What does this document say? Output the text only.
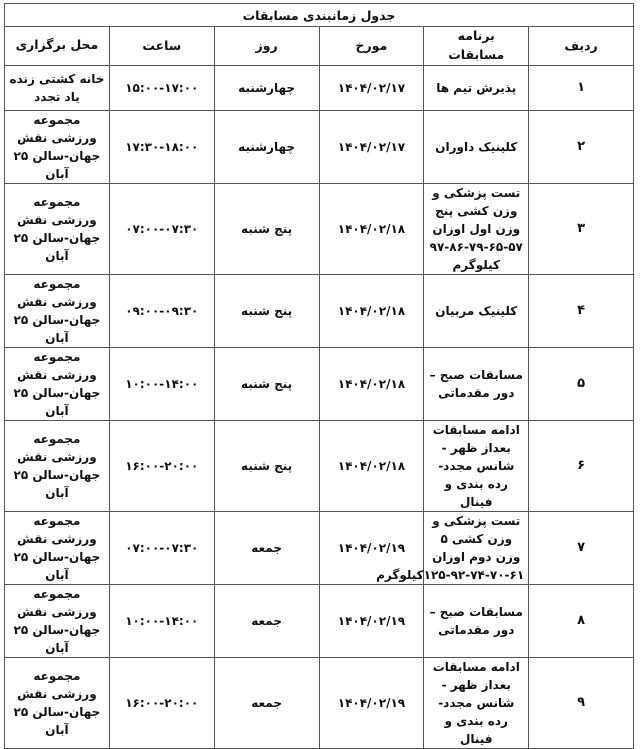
جدول زمانبندی مسابقات					
ردیف	برنامه مسابقات	مورخ	روز	ساعت	محل برگزاری
۱	پذیرش تیم ها	۱۴۰۴/۰۲/۱۷	چهارشنبه	۱۵:۰۰-۱۷:۰۰	خانه کشتی زنده یاد تجدد
۲	کلینیک داوران	۱۴۰۴/۰۲/۱۷	چهارشنبه	۱۷:۳۰-۱۸:۰۰	مجموعه ورزشی نقش جهان-سالن ۲۵ آبان
۳	تست پزشکی و وزن کشی پنج وزن اول اوزان ۵۷-۶۵-۷۹-۸۶-۹۷ کیلوگرم	۱۴۰۴/۰۲/۱۸	پنج شنبه	۰۷:۰۰-۰۷:۳۰	مجموعه ورزشی نقش جهان-سالن ۲۵ آبان
۴	کلینیک مربیان	۱۴۰۴/۰۲/۱۸	پنج شنبه	۰۹:۰۰-۰۹:۳۰	مجموعه ورزشی نقش جهان-سالن ۲۵ آبان
۵	مسابقات صبح – دور مقدماتی	۱۴۰۴/۰۲/۱۸	پنج شنبه	۱۰:۰۰-۱۴:۰۰	مجموعه ورزشی نقش جهان-سالن ۲۵ آبان
۶	ادامه مسابقات بعداز ظهر - شانس مجدد- رده بندی و فینال	۱۴۰۴/۰۲/۱۸	پنج شنبه	۱۶:۰۰-۲۰:۰۰	مجموعه ورزشی نقش جهان-سالن ۲۵ آبان
۷	تست پزشکی و وزن کشی ۵ وزن دوم اوزان ۶۱-۷۰-۷۴-۹۲-۱۲۵کیلوگرم	۱۴۰۴/۰۲/۱۹	جمعه	۰۷:۰۰-۰۷:۳۰	مجموعه ورزشی نقش جهان-سالن ۲۵ آبان
۸	مسابقات صبح – دور مقدماتی	۱۴۰۴/۰۲/۱۹	جمعه	۱۰:۰۰-۱۴:۰۰	مجموعه ورزشی نقش جهان-سالن ۲۵ آبان
۹	ادامه مسابقات بعداز ظهر - شانس مجدد- رده بندی و فینال	۱۴۰۴/۰۲/۱۹	جمعه	۱۶:۰۰-۲۰:۰۰	مجموعه ورزشی نقش جهان-سالن ۲۵ آبان
